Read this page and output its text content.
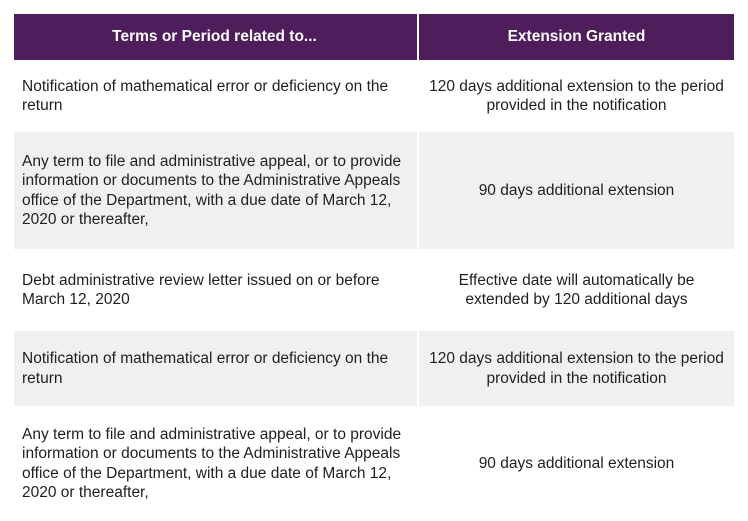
Terms or Period related to...	Extension Granted
Notification of mathematical error or deficiency on the return
120 days additional extension to the period provided in the notification
Any term to file and administrative appeal, or to provide information or documents to the Administrative Appeals office of the Department, with a due date of March 12, 2020 or thereafter,
90 days additional extension
Debt administrative review letter issued on or before March 12, 2020
Effective date will automatically be extended by 120 additional days
Notification of mathematical error or deficiency on the return
120 days additional extension to the period provided in the notification
Any term to file and administrative appeal, or to provide information or documents to the Administrative Appeals office of the Department, with a due date of March 12, 2020 or thereafter,
90 days additional extension
